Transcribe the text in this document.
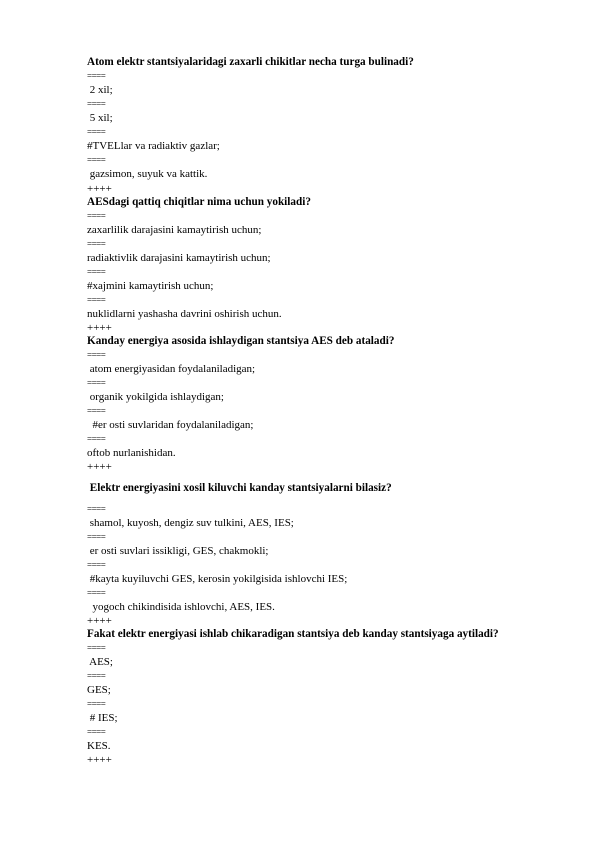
Atom elektr stantsiyalaridagi zaxarli chikitlar necha turga bulinadi?

====

2 xil;

====

5 xil;

====

#TVELlar va radiaktiv gazlar;

====

gazsimon, suyuk va kattik.

++++

AESdagi qattiq chiqitlar nima uchun yokiladi?

====

zaxarlilik darajasini kamaytirish uchun;

====

radiaktivlik darajasini kamaytirish uchun;

====

#xajmini kamaytirish uchun;

====

nuklidlarni yashasha davrini oshirish uchun.

++++

Kanday energiya asosida ishlaydigan stantsiya AES deb ataladi?

====

atom energiyasidan foydalaniladigan;

====

organik yokilgida ishlaydigan;

====

#er osti suvlaridan foydalaniladigan;

====

oftob nurlanishidan.

++++

Elektr energiyasini xosil kiluvchi kanday stantsiyalarni bilasiz?

====

shamol, kuyosh, dengiz suv tulkini, AES, IES;

====

er osti suvlari issikligi, GES, chakmokli;

====

#kayta kuyiluvchi GES, kerosin yokilgisida ishlovchi IES;

====

yogoch chikindisida ishlovchi, AES, IES.

++++

Fakat elektr energiyasi ishlab chikaradigan stantsiya deb kanday stantsiyaga aytiladi?

====

AES;

====

GES;

====

# IES;

====

KES.

++++
